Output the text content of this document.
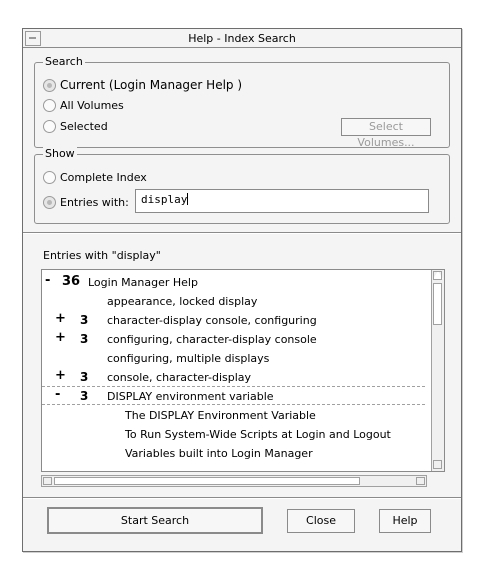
Help - Index Search
Search
Current (Login Manager Help )
All Volumes
Selected	Select Volumes...
Show
Complete Index
Entries with:	display
Entries with "display"
- 36 Login Manager Help
appearance, locked display
+ 3 character-display console, configuring
+ 3 configuring, character-display console
configuring, multiple displays
+ 3 console, character-display
- 3 DISPLAY environment variable
The DISPLAY Environment Variable
To Run System-Wide Scripts at Login and Logout
Variables built into Login Manager
Start Search	Close	Help
